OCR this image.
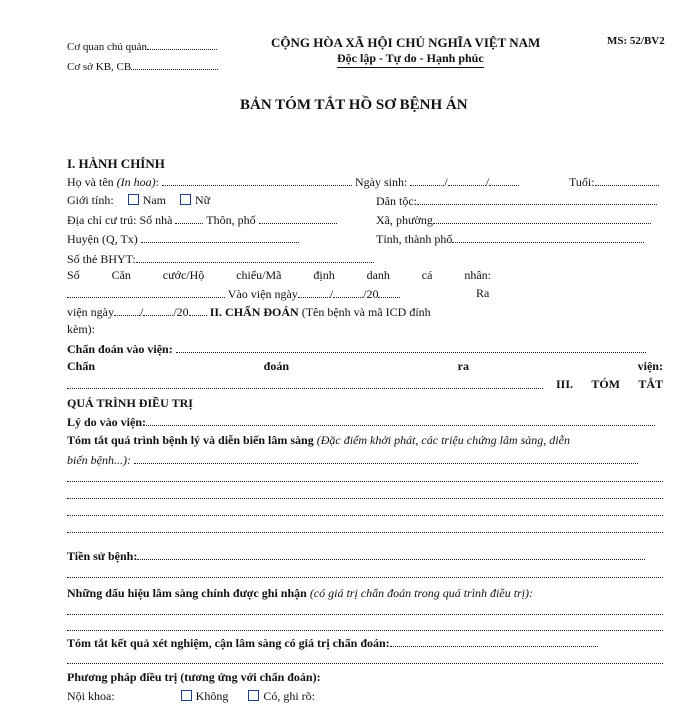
Cơ quan chủ quản
Cơ sở KB, CB
CỘNG HÒA XÃ HỘI CHỦ NGHĨA VIỆT NAM
Độc lập - Tự do - Hạnh phúc
MS: 52/BV2
BẢN TÓM TẮT HỒ SƠ BỆNH ÁN
I. HÀNH CHÍNH
Họ và tên (In hoa):	Ngày sinh:	/	/	Tuổi:
Giới tính: Nam Nữ	Dân tộc:
Địa chỉ cư trú: Số nhà	Thôn, phố	Xã, phường
Huyện (Q, Tx)	Tỉnh, thành phố
Số thẻ BHYT:
Số	Căn	cước/Hộ	chiếu/Mã	định	danh	cá	nhân:
Vào viện ngày	/	/20	Ra
viện ngày /	/20 II. CHẨN ĐOÁN (Tên bệnh và mã ICD đính
kèm):
Chẩn đoán vào viện:
Chẩn	đoán	ra	viện:
III. TÓM TẮT
QUÁ TRÌNH ĐIỀU TRỊ
Lý do vào viện:
Tóm tắt quá trình bệnh lý và diễn biến lâm sàng (Đặc điểm khởi phát, các triệu chứng lâm sàng, diễn
biến bệnh...):
Tiền sử bệnh:
Những dấu hiệu lâm sàng chính được ghi nhận (có giá trị chẩn đoán trong quá trình điều trị):
Tóm tắt kết quả xét nghiệm, cận lâm sàng có giá trị chẩn đoán:
Phương pháp điều trị (tương ứng với chẩn đoán):
Nội khoa:	Không	Có, ghi rõ:
